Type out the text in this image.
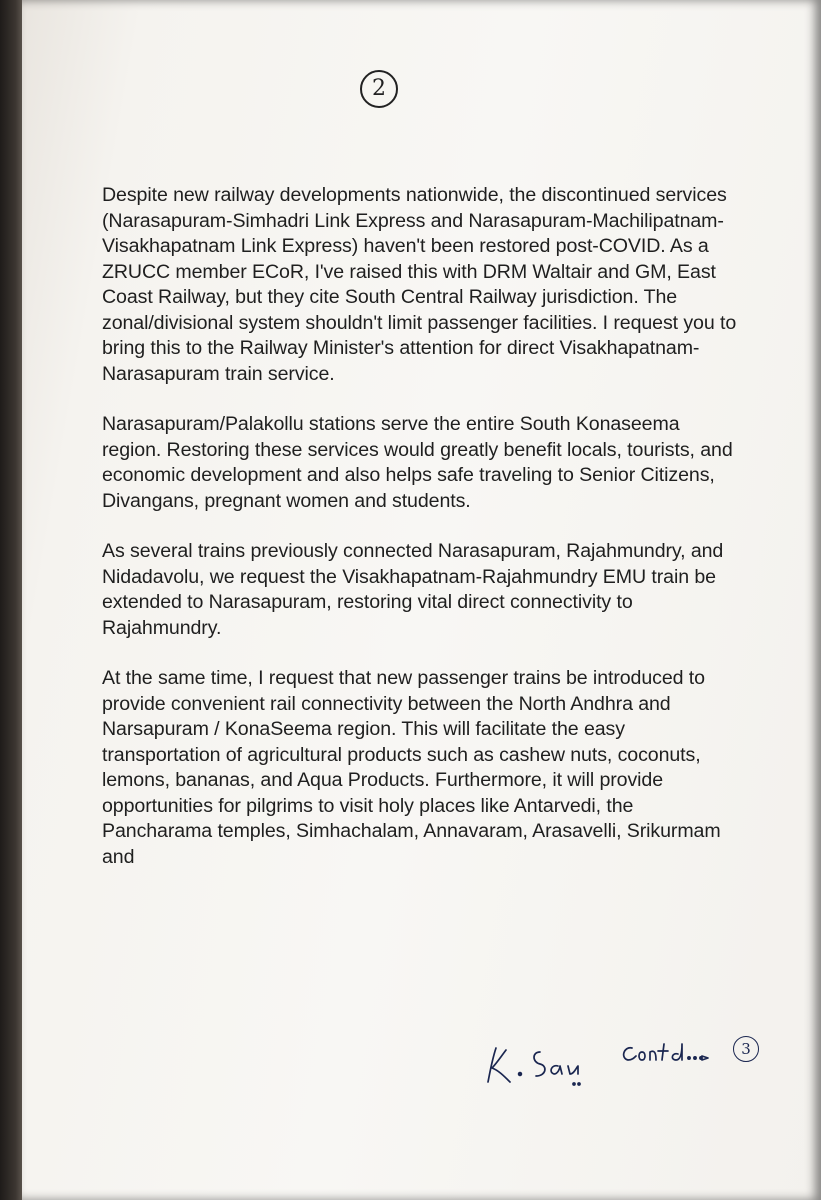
2

Despite new railway developments nationwide, the discontinued services (Narasapuram-Simhadri Link Express and Narasapuram-Machilipatnam-Visakhapatnam Link Express) haven't been restored post-COVID. As a ZRUCC member ECoR, I've raised this with DRM Waltair and GM, East Coast Railway, but they cite South Central Railway jurisdiction. The zonal/divisional system shouldn't limit passenger facilities. I request you to bring this to the Railway Minister's attention for direct Visakhapatnam-Narasapuram train service.

Narasapuram/Palakollu stations serve the entire South Konaseema region. Restoring these services would greatly benefit locals, tourists, and economic development and also helps safe traveling to Senior Citizens, Divangans, pregnant women and students.

As several trains previously connected Narasapuram, Rajahmundry, and Nidadavolu, we request the Visakhapatnam-Rajahmundry EMU train be extended to Narasapuram, restoring vital direct connectivity to Rajahmundry.

At the same time, I request that new passenger trains be introduced to provide convenient rail connectivity between the North Andhra and Narsapuram / KonaSeema region. This will facilitate the easy transportation of agricultural products such as cashew nuts, coconuts, lemons, bananas, and Aqua Products. Furthermore, it will provide opportunities for pilgrims to visit holy places like Antarvedi, the Pancharama temples, Simhachalam, Annavaram, Arasavelli, Srikurmam and

3
